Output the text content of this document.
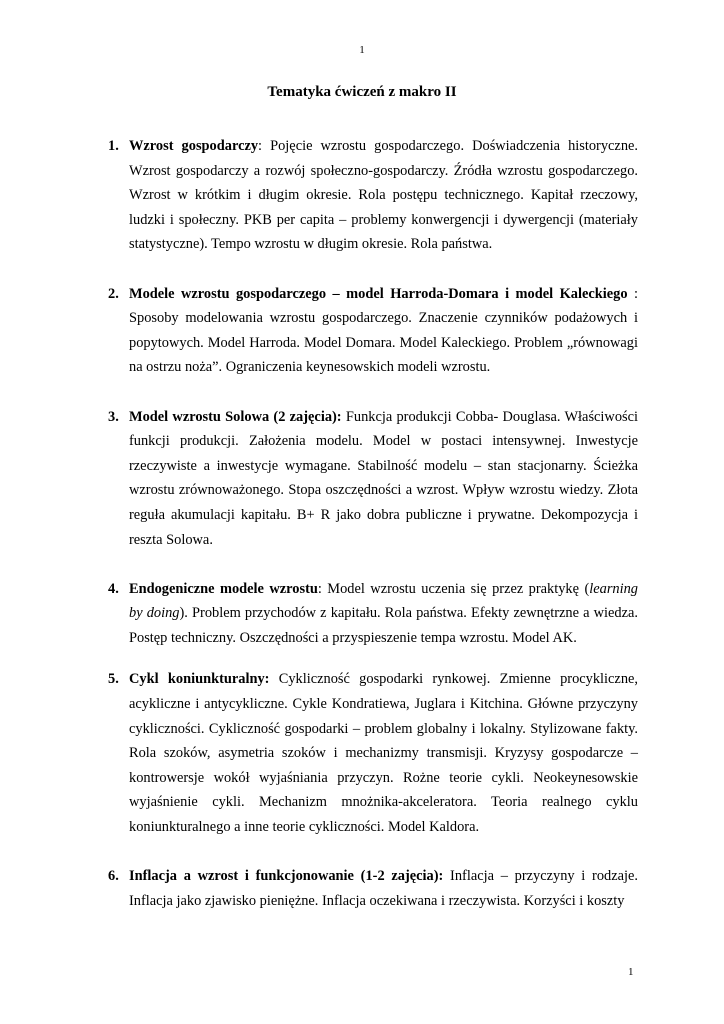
1
Tematyka ćwiczeń z makro II
1. Wzrost gospodarczy: Pojęcie wzrostu gospodarczego. Doświadczenia historyczne. Wzrost gospodarczy a rozwój społeczno-gospodarczy. Źródła wzrostu gospodarczego. Wzrost w krótkim i długim okresie. Rola postępu technicznego. Kapitał rzeczowy, ludzki i społeczny. PKB per capita – problemy konwergencji i dywergencji (materiały statystyczne). Tempo wzrostu w długim okresie. Rola państwa.
2. Modele wzrostu gospodarczego – model Harroda-Domara i model Kaleckiego : Sposoby modelowania wzrostu gospodarczego. Znaczenie czynników podażowych i popytowych. Model Harroda. Model Domara. Model Kaleckiego. Problem „równowagi na ostrzu noża”. Ograniczenia keynesowskich modeli wzrostu.
3. Model wzrostu Solowa (2 zajęcia): Funkcja produkcji Cobba- Douglasa. Właściwości funkcji produkcji. Założenia modelu. Model w postaci intensywnej. Inwestycje rzeczywiste a inwestycje wymagane. Stabilność modelu – stan stacjonarny. Ścieżka wzrostu zrównoważonego. Stopa oszczędności a wzrost. Wpływ wzrostu wiedzy. Złota reguła akumulacji kapitału. B+ R jako dobra publiczne i prywatne. Dekompozycja i reszta Solowa.
4. Endogeniczne modele wzrostu: Model wzrostu uczenia się przez praktykę (learning by doing). Problem przychodów z kapitału. Rola państwa. Efekty zewnętrzne a wiedza. Postęp techniczny. Oszczędności a przyspieszenie tempa wzrostu. Model AK.
5. Cykl koniunkturalny: Cykliczność gospodarki rynkowej. Zmienne procykliczne, acykliczne i antycykliczne. Cykle Kondratiewa, Juglara i Kitchina. Główne przyczyny cykliczności. Cykliczność gospodarki – problem globalny i lokalny. Stylizowane fakty. Rola szoków, asymetria szoków i mechanizmy transmisji. Kryzysy gospodarcze – kontrowersje wokół wyjaśniania przyczyn. Rożne teorie cykli. Neokeynesowskie wyjaśnienie cykli. Mechanizm mnożnika-akceleratora. Teoria realnego cyklu koniunkturalnego a inne teorie cykliczności. Model Kaldora.
6. Inflacja a wzrost i funkcjonowanie (1-2 zajęcia): Inflacja – przyczyny i rodzaje. Inflacja jako zjawisko pieniężne. Inflacja oczekiwana i rzeczywista. Korzyści i koszty
1
